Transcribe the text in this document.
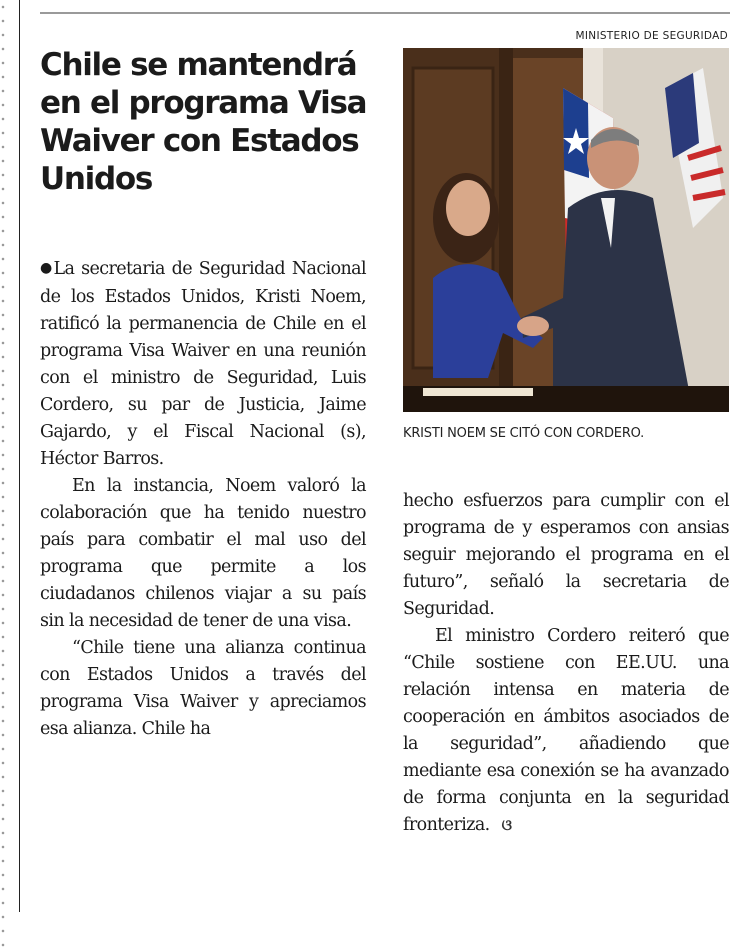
MINISTERIO DE SEGURIDAD
Chile se mantendrá en el programa Visa Waiver con Estados Unidos
KRISTI NOEM SE CITÓ CON CORDERO.

●La secretaria de Seguridad Nacional de los Estados Unidos, Kristi Noem, ratificó la permanencia de Chile en el programa Visa Waiver en una reunión con el ministro de Seguridad, Luis Cordero, su par de Justicia, Jaime Gajardo, y el Fiscal Nacional (s), Héctor Barros.

En la instancia, Noem valoró la colaboración que ha tenido nuestro país para combatir el mal uso del programa que permite a los ciudadanos chilenos viajar a su país sin la necesidad de tener de una visa.

“Chile tiene una alianza continua con Estados Unidos a través del programa Visa Waiver y apreciamos esa alianza. Chile ha

hecho esfuerzos para cumplir con el programa de y esperamos con ansias seguir mejorando el programa en el futuro”, señaló la secretaria de Seguridad.

El ministro Cordero reiteró que “Chile sostiene con EE.UU. una relación intensa en materia de cooperación en ámbitos asociados de la seguridad”, añadiendo que mediante esa conexión se ha avanzado de forma conjunta en la seguridad fronteriza. ଓ
